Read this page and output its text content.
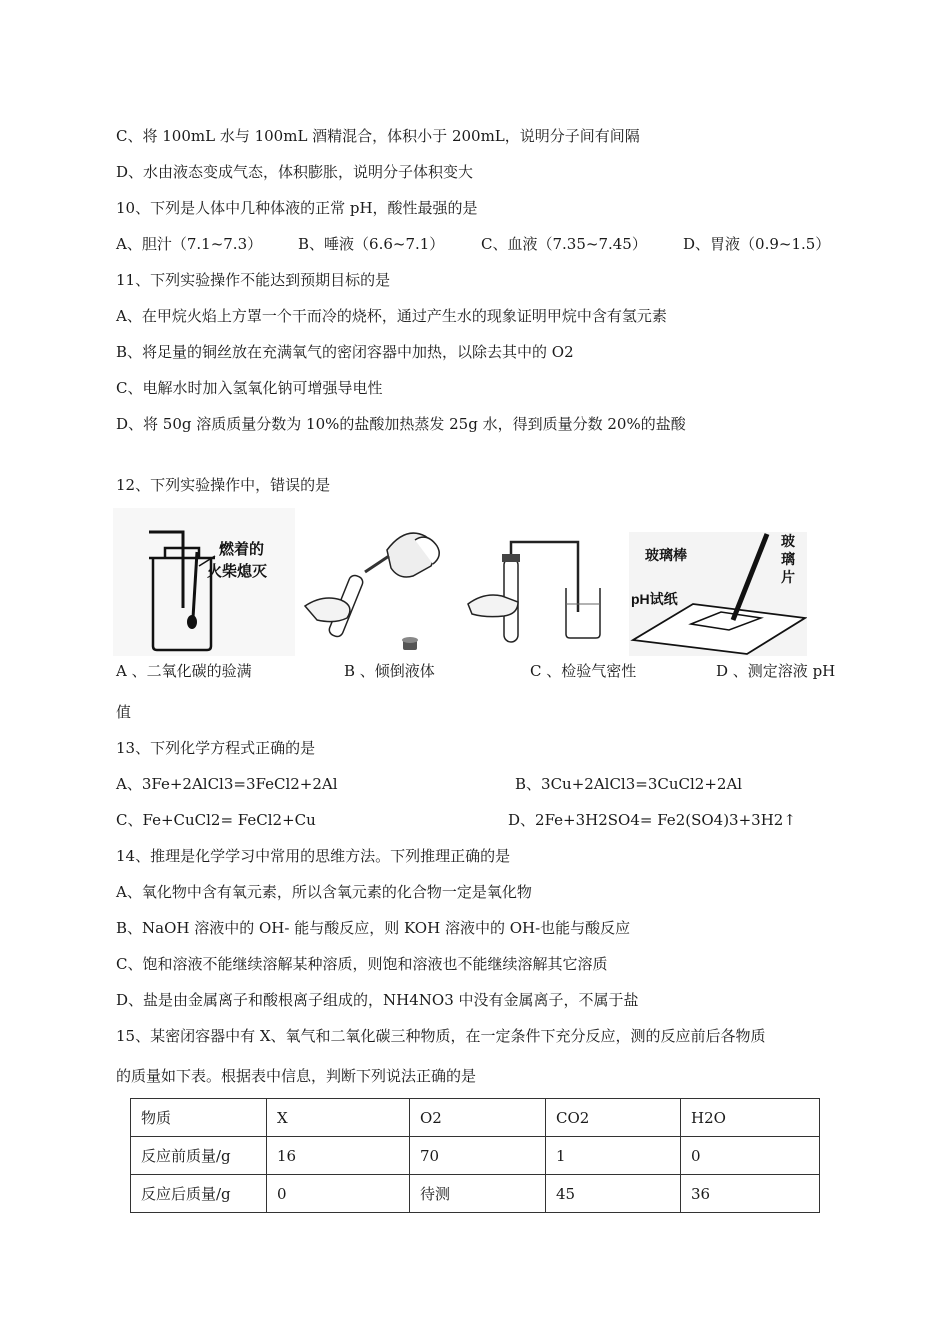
C、将 100mL 水与 100mL 酒精混合，体积小于 200mL，说明分子间有间隔
D、水由液态变成气态，体积膨胀，说明分子体积变大
10、下列是人体中几种体液的正常 pH，酸性最强的是
A、胆汁（7.1~7.3） B、唾液（6.6~7.1） C、血液（7.35~7.45） D、胃液（0.9~1.5）
11、下列实验操作不能达到预期目标的是
A、在甲烷火焰上方罩一个干而冷的烧杯，通过产生水的现象证明甲烷中含有氢元素
B、将足量的铜丝放在充满氧气的密闭容器中加热，以除去其中的 O2
C、电解水时加入氢氧化钠可增强导电性
D、将 50g 溶质质量分数为 10%的盐酸加热蒸发 25g 水，得到质量分数 20%的盐酸
12、下列实验操作中，错误的是
燃着的
火柴熄灭
玻璃棒
pH试纸
玻
璃
片
A 、二氧化碳的验满	B 、倾倒液体	C 、检验气密性	D 、测定溶液 pH
值
13、下列化学方程式正确的是
A、3Fe+2AlCl3=3FeCl2+2Al	B、3Cu+2AlCl3=3CuCl2+2Al
C、Fe+CuCl2= FeCl2+Cu	D、2Fe+3H2SO4= Fe2(SO4)3+3H2↑
14、推理是化学学习中常用的思维方法。下列推理正确的是
A、氧化物中含有氧元素，所以含氧元素的化合物一定是氧化物
B、NaOH 溶液中的 OH- 能与酸反应，则 KOH 溶液中的 OH-也能与酸反应
C、饱和溶液不能继续溶解某种溶质，则饱和溶液也不能继续溶解其它溶质
D、盐是由金属离子和酸根离子组成的，NH4NO3 中没有金属离子，不属于盐
15、某密闭容器中有 X、氧气和二氧化碳三种物质，在一定条件下充分反应，测的反应前后各物质
的质量如下表。根据表中信息，判断下列说法正确的是
物质	X	O2	CO2	H2O
反应前质量/g	16	70	1	0
反应后质量/g	0	待测	45	36
